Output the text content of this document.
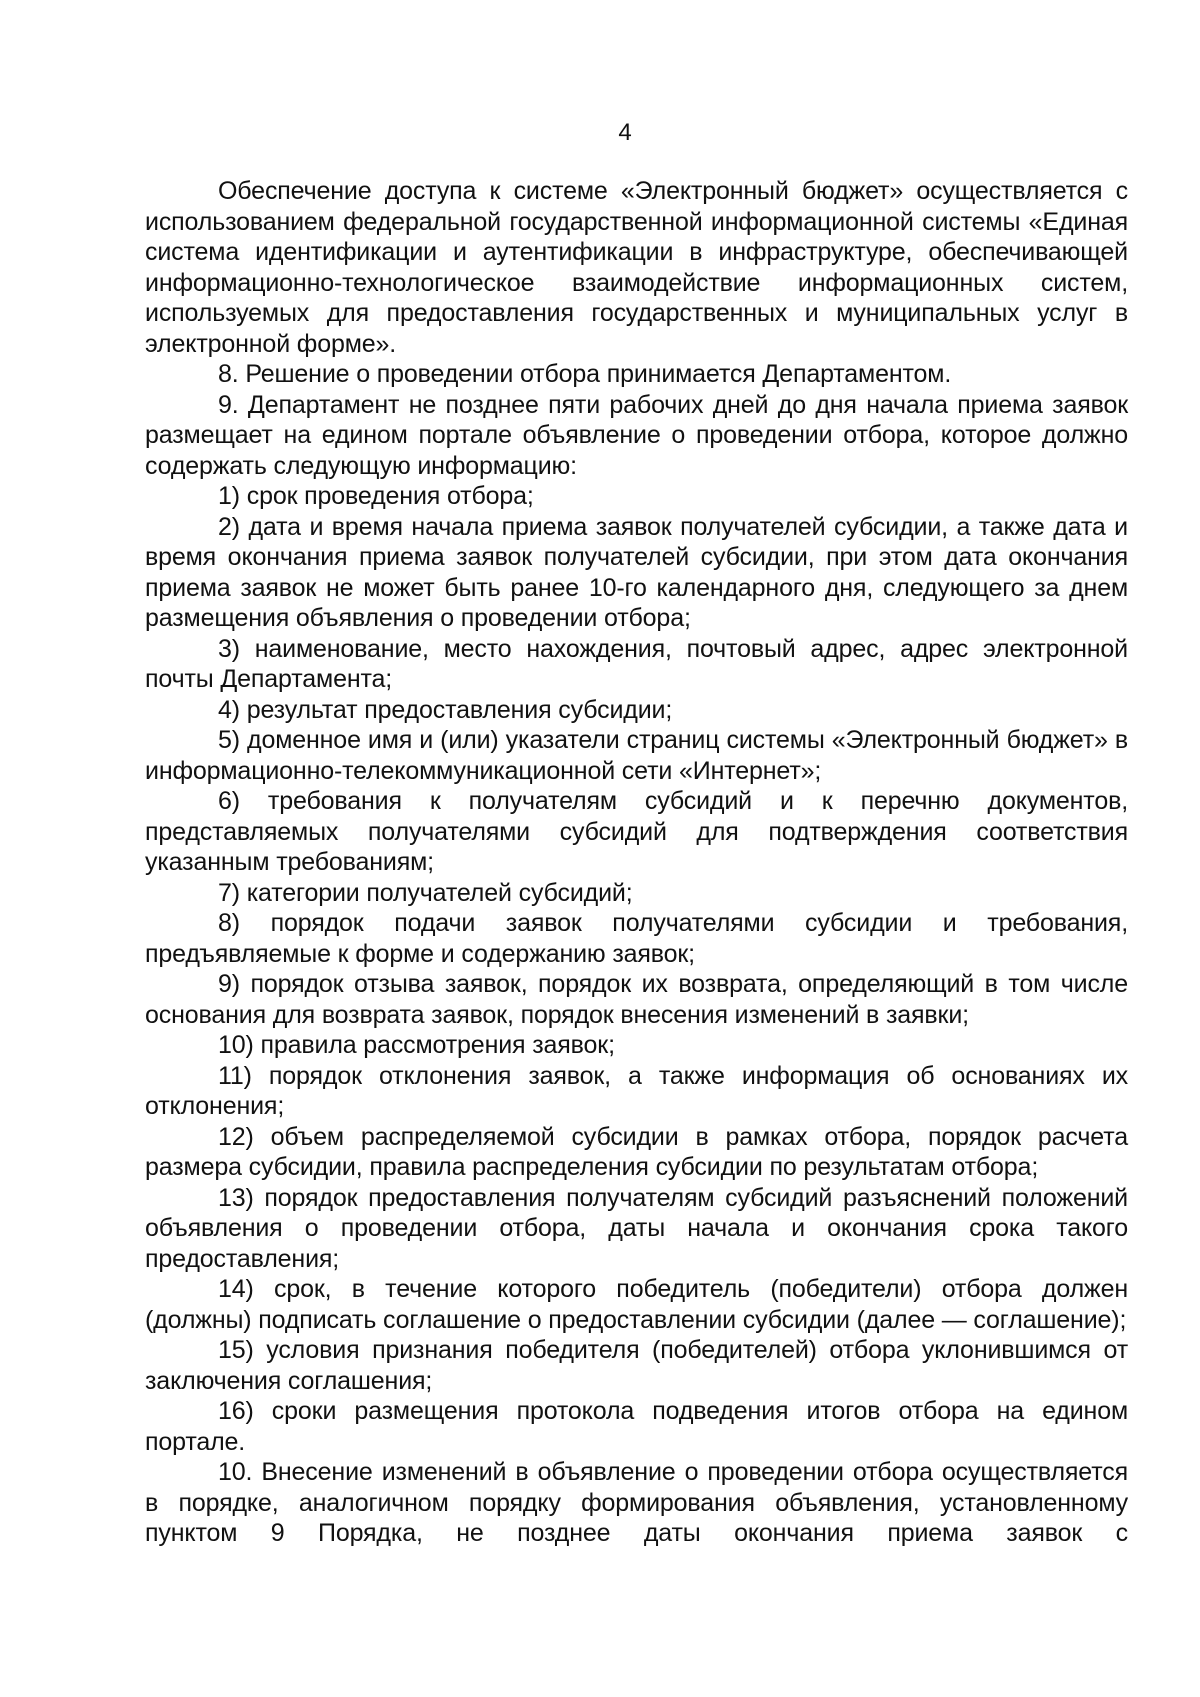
4

Обеспечение доступа к системе «Электронный бюджет» осуществляется с использованием федеральной государственной информационной системы «Единая система идентификации и аутентификации в инфраструктуре, обеспечивающей информационно-технологическое взаимодействие информационных систем, используемых для предоставления государственных и муниципальных услуг в электронной форме».

8. Решение о проведении отбора принимается Департаментом.

9. Департамент не позднее пяти рабочих дней до дня начала приема заявок размещает на едином портале объявление о проведении отбора, которое должно содержать следующую информацию:

1) срок проведения отбора;

2) дата и время начала приема заявок получателей субсидии, а также дата и время окончания приема заявок получателей субсидии, при этом дата окончания приема заявок не может быть ранее 10-го календарного дня, следующего за днем размещения объявления о проведении отбора;

3) наименование, место нахождения, почтовый адрес, адрес электронной почты Департамента;

4) результат предоставления субсидии;

5) доменное имя и (или) указатели страниц системы «Электронный бюджет» в информационно-телекоммуникационной сети «Интернет»;

6) требования к получателям субсидий и к перечню документов, представляемых получателями субсидий для подтверждения соответствия указанным требованиям;

7) категории получателей субсидий;

8) порядок подачи заявок получателями субсидии и требования, предъявляемые к форме и содержанию заявок;

9) порядок отзыва заявок, порядок их возврата, определяющий в том числе основания для возврата заявок, порядок внесения изменений в заявки;

10) правила рассмотрения заявок;

11) порядок отклонения заявок, а также информация об основаниях их отклонения;

12) объем распределяемой субсидии в рамках отбора, порядок расчета размера субсидии, правила распределения субсидии по результатам отбора;

13) порядок предоставления получателям субсидий разъяснений положений объявления о проведении отбора, даты начала и окончания срока такого предоставления;

14) срок, в течение которого победитель (победители) отбора должен (должны) подписать соглашение о предоставлении субсидии (далее — соглашение);

15) условия признания победителя (победителей) отбора уклонившимся от заключения соглашения;

16) сроки размещения протокола подведения итогов отбора на едином портале.

10. Внесение изменений в объявление о проведении отбора осуществляется в порядке, аналогичном порядку формирования объявления, установленному пунктом 9 Порядка, не позднее даты окончания приема заявок с
